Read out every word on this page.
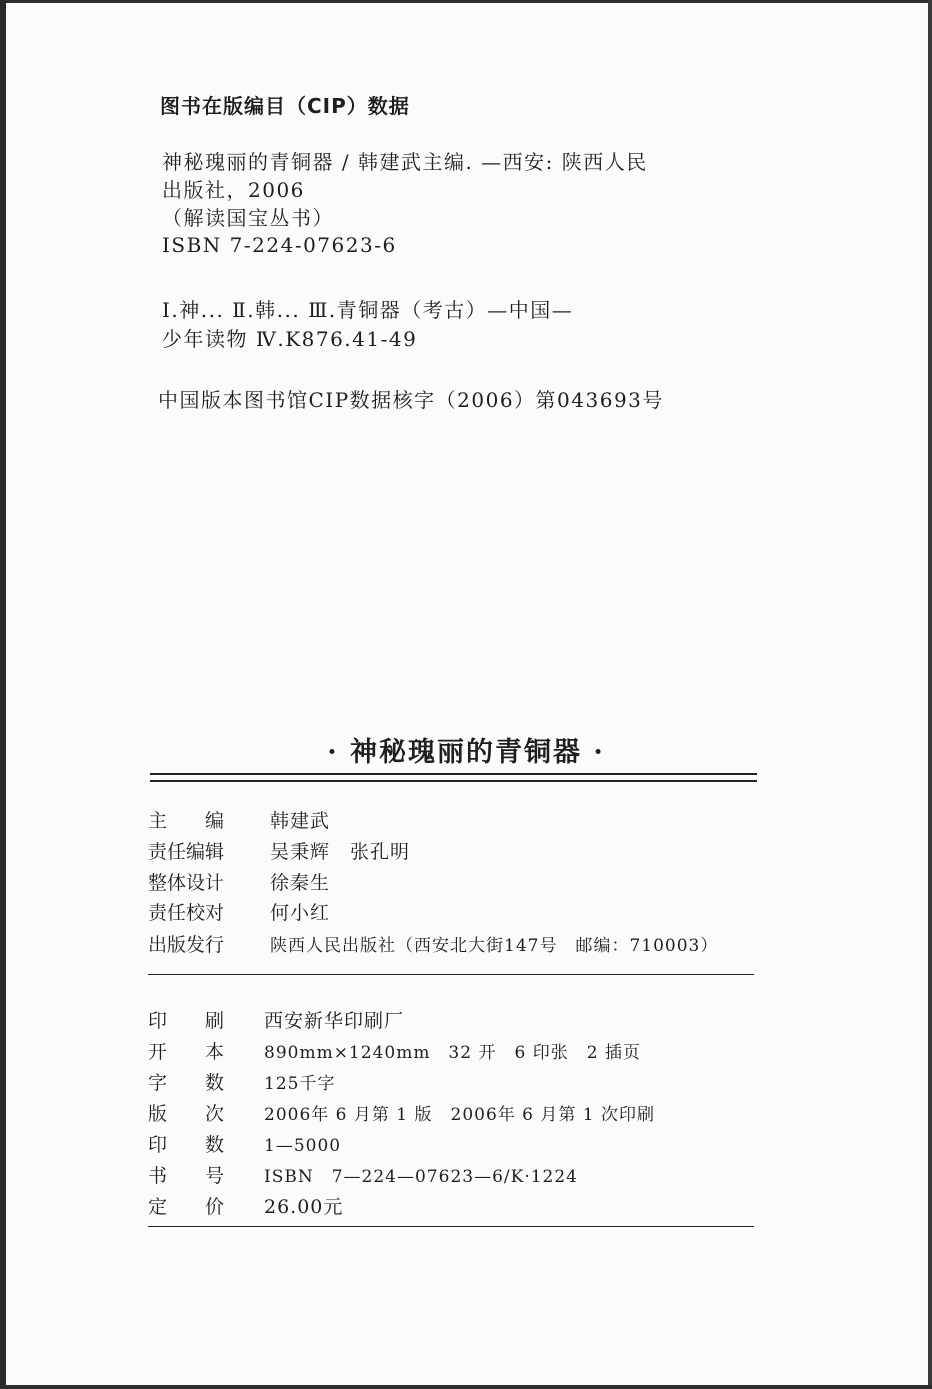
图书在版编目（CIP）数据
神秘瑰丽的青铜器 / 韩建武主编. —西安: 陕西人民
出版社，2006
（解读国宝丛书）
ISBN 7-224-07623-6
Ⅰ.神... Ⅱ.韩... Ⅲ.青铜器（考古）—中国—
少年读物 Ⅳ.K876.41-49
中国版本图书馆CIP数据核字（2006）第043693号
· 神秘瑰丽的青铜器 ·
主　　编 韩建武
责任编辑 吴秉辉　张孔明
整体设计 徐秦生
责任校对 何小红
出版发行	陕西人民出版社（西安北大街147号　邮编：710003）
印　　刷 西安新华印刷厂
开　　本 890mm×1240mm　32 开　6 印张　2 插页
字　　数 125千字
版　　次 2006年 6 月第 1 版　2006年 6 月第 1 次印刷
印　　数 1—5000
书　　号 ISBN　7—224—07623—6/K·1224
定　　价 26.00元
